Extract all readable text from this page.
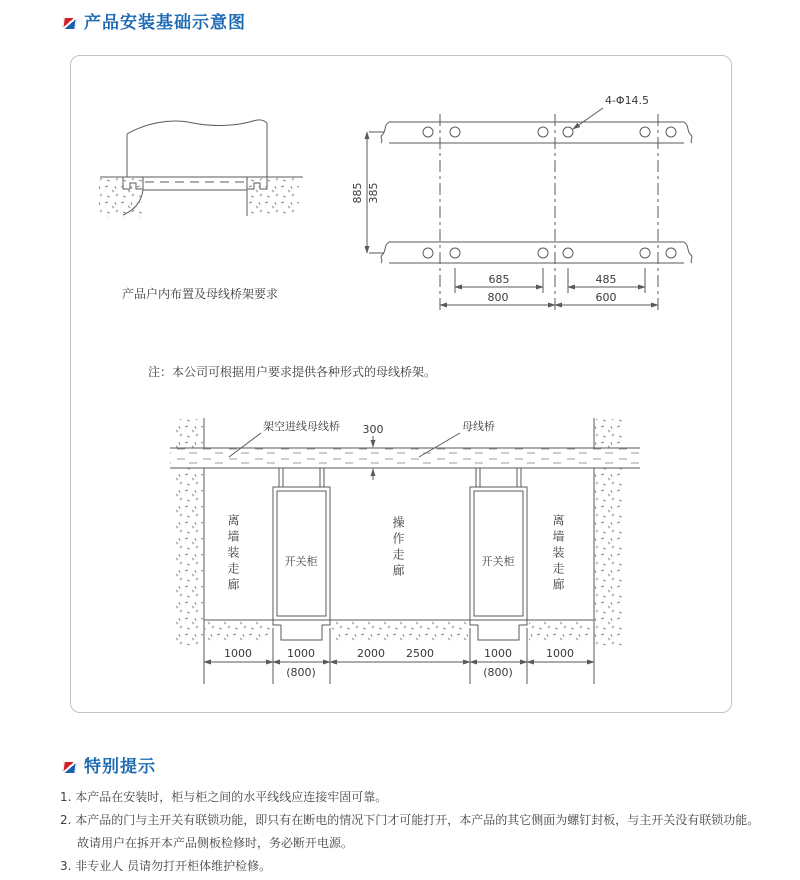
产品安装基础示意图
产品户内布置及母线桥架要求
885 385
4-Φ14.5
685	485
800	600
注：本公司可根据用户要求提供各种形式的母线桥架。
300
架空进线母线桥	母线桥
开关柜	开关柜
1000	1000
(800)
2000 2500	1000
(800)
1000
离墙装走廊	操作走廊	离墙装走廊
特别提示
1. 本产品在安装时，柜与柜之间的水平线线应连接牢固可靠。
2. 本产品的门与主开关有联锁功能，即只有在断电的情况下门才可能打开，本产品的其它侧面为螺钉封板，与主开关没有联锁功能。故请用户在拆开本产品侧板检修时，务必断开电源。
3. 非专业人 员请勿打开柜体维护检修。
